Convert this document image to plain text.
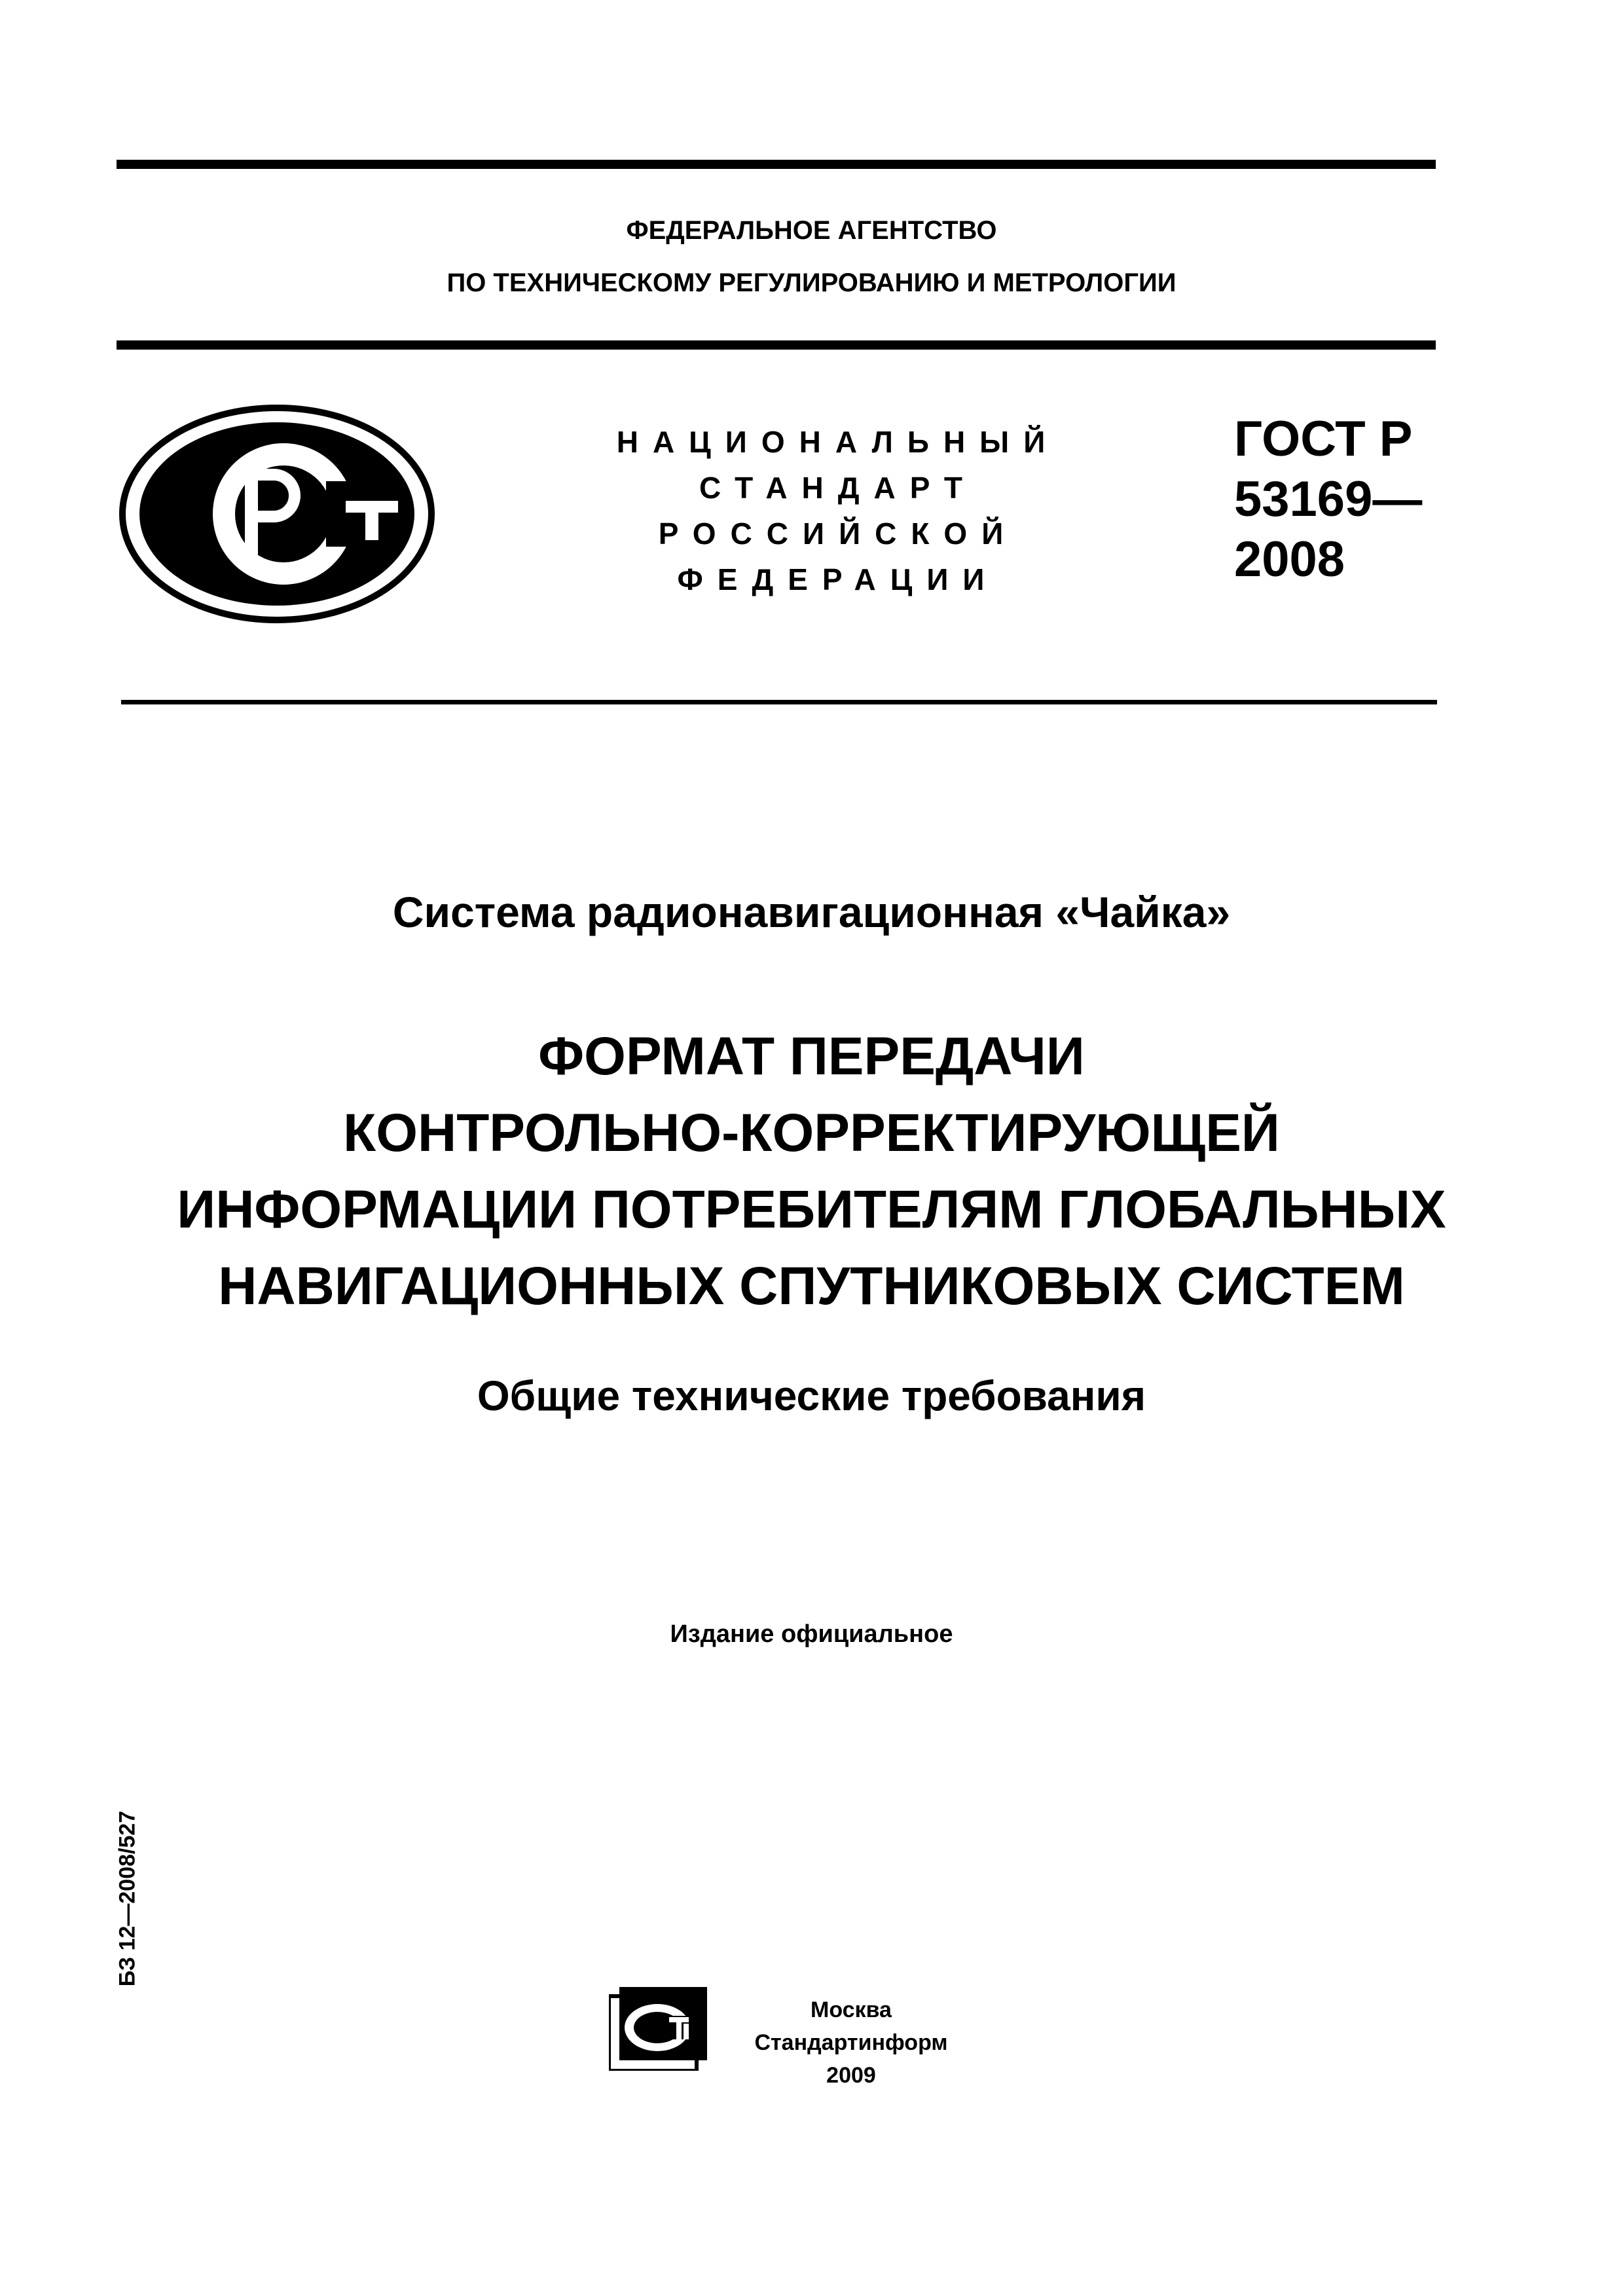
ФЕДЕРАЛЬНОЕ АГЕНТСТВО
ПО ТЕХНИЧЕСКОМУ РЕГУЛИРОВАНИЮ И МЕТРОЛОГИИ
НАЦИОНАЛЬНЫЙ
СТАНДАРТ
РОССИЙСКОЙ
ФЕДЕРАЦИИ
ГОСТ Р
53169—
2008
Система радионавигационная «Чайка»
ФОРМАТ ПЕРЕДАЧИ
КОНТРОЛЬНО-КОРРЕКТИРУЮЩЕЙ
ИНФОРМАЦИИ ПОТРЕБИТЕЛЯМ ГЛОБАЛЬНЫХ
НАВИГАЦИОННЫХ СПУТНИКОВЫХ СИСТЕМ
Общие технические требования
Издание официальное
БЗ 12—2008/527
Москва
Стандартинформ
2009
